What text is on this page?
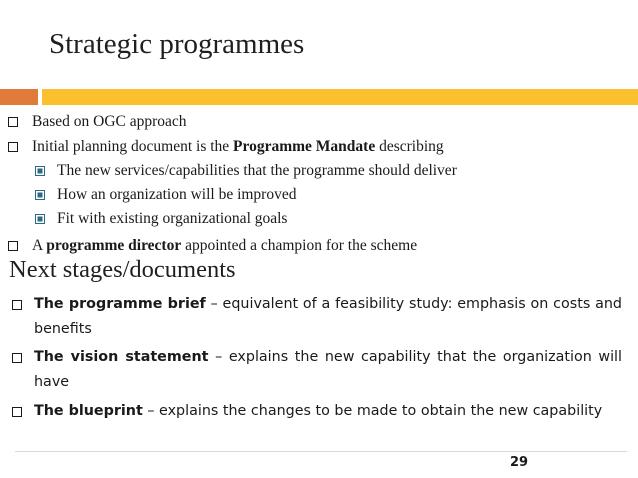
Strategic programmes
Based on OGC approach
Initial planning document is the Programme Mandate describing
The new services/capabilities that the programme should deliver
How an organization will be improved
Fit with existing organizational goals
A programme director appointed a champion for the scheme
Next stages/documents
The programme brief – equivalent of a feasibility study: emphasis on costs and benefits
The vision statement – explains the new capability that the organization will have
The blueprint – explains the changes to be made to obtain the new capability
29
